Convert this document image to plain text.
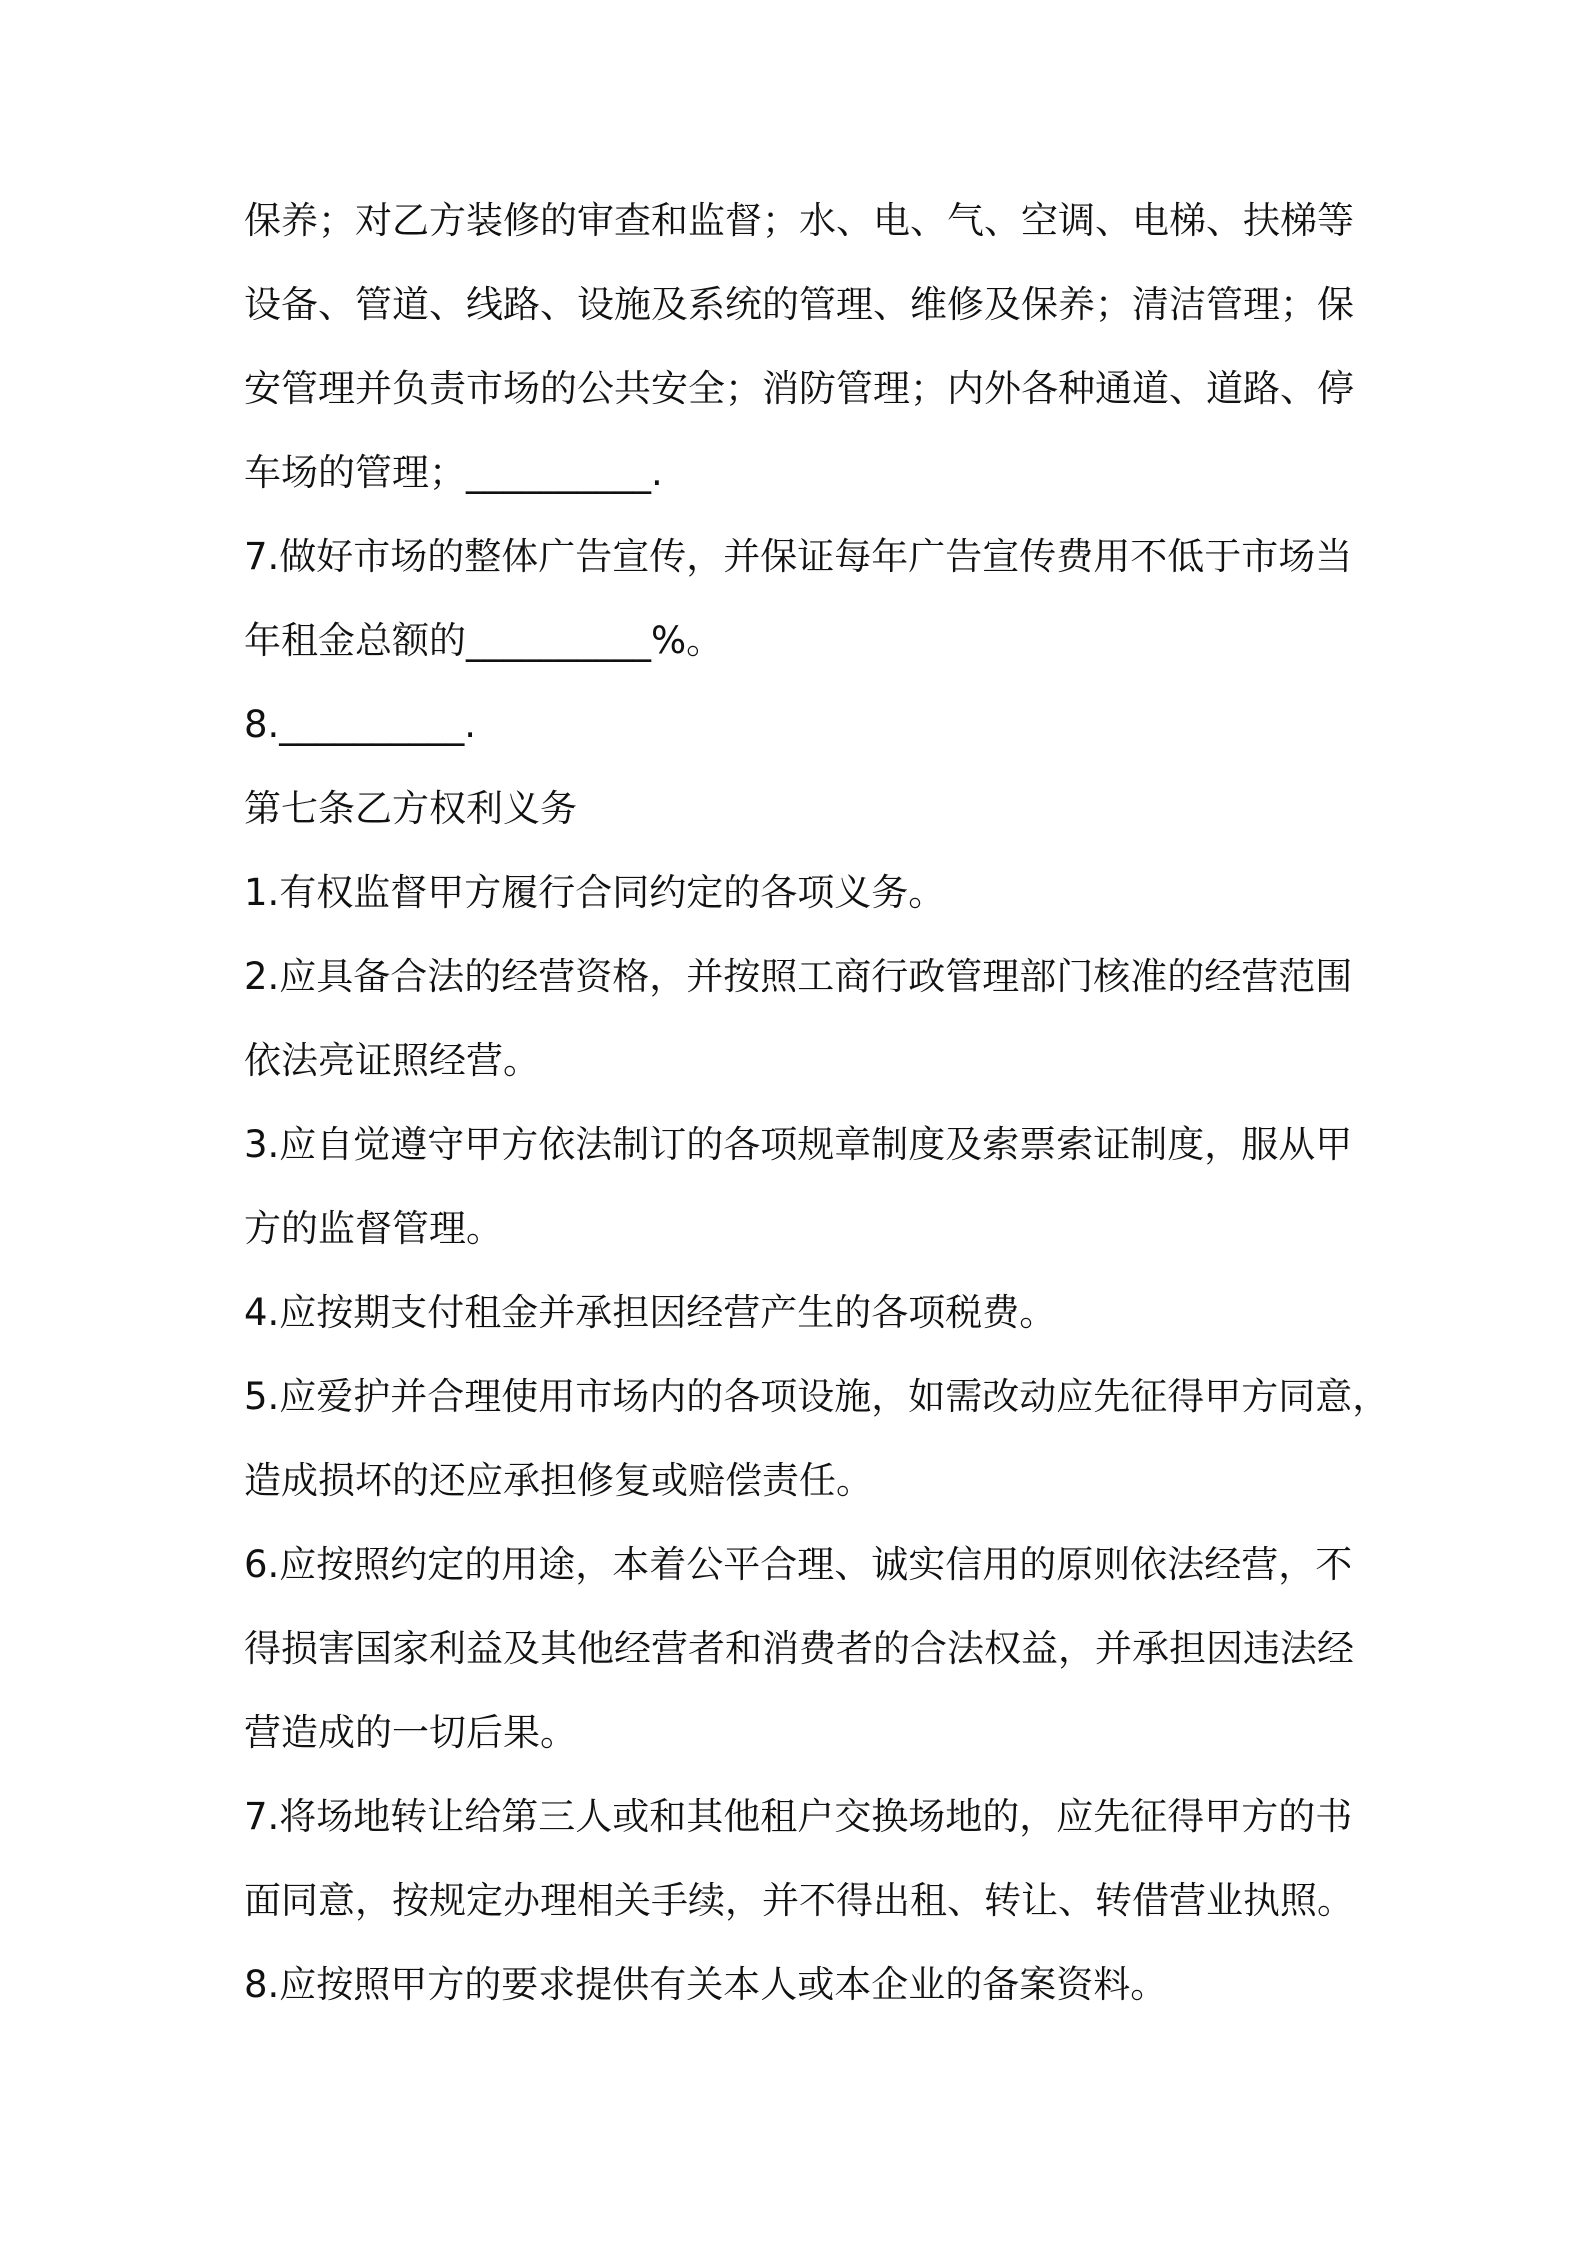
保养；对乙方装修的审查和监督；水、电、气、空调、电梯、扶梯等
设备、管道、线路、设施及系统的管理、维修及保养；清洁管理；保
安管理并负责市场的公共安全；消防管理；内外各种通道、道路、停
车场的管理；__________.
7.做好市场的整体广告宣传，并保证每年广告宣传费用不低于市场当
年租金总额的__________%。
8.__________.
第七条乙方权利义务
1.有权监督甲方履行合同约定的各项义务。
2.应具备合法的经营资格，并按照工商行政管理部门核准的经营范围
依法亮证照经营。
3.应自觉遵守甲方依法制订的各项规章制度及索票索证制度，服从甲
方的监督管理。
4.应按期支付租金并承担因经营产生的各项税费。
5.应爱护并合理使用市场内的各项设施，如需改动应先征得甲方同意，
造成损坏的还应承担修复或赔偿责任。
6.应按照约定的用途，本着公平合理、诚实信用的原则依法经营，不
得损害国家利益及其他经营者和消费者的合法权益，并承担因违法经
营造成的一切后果。
7.将场地转让给第三人或和其他租户交换场地的，应先征得甲方的书
面同意，按规定办理相关手续，并不得出租、转让、转借营业执照。
8.应按照甲方的要求提供有关本人或本企业的备案资料。
